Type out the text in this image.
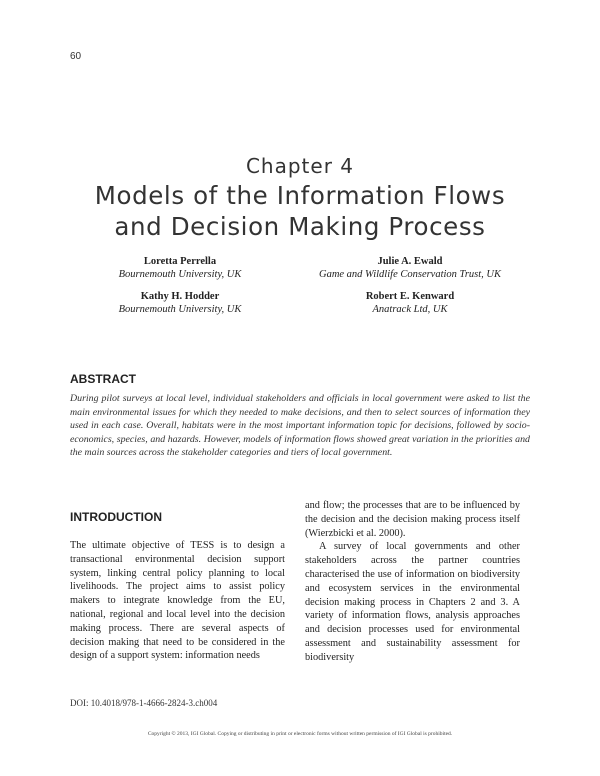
60
Chapter 4
Models of the Information Flows
and Decision Making Process
Loretta Perrella
Bournemouth University, UK
Julie A. Ewald
Game and Wildlife Conservation Trust, UK
Kathy H. Hodder
Bournemouth University, UK
Robert E. Kenward
Anatrack Ltd, UK
ABSTRACT
During pilot surveys at local level, individual stakeholders and officials in local government were asked to list the main environmental issues for which they needed to make decisions, and then to select sources of information they used in each case. Overall, habitats were in the most important information topic for decisions, followed by socio-economics, species, and hazards. However, models of information flows showed great variation in the priorities and the main sources across the stakeholder categories and tiers of local government.
INTRODUCTION

The ultimate objective of TESS is to design a transactional environmental decision support system, linking central policy planning to local livelihoods. The project aims to assist policy makers to integrate knowledge from the EU, national, regional and local level into the decision making process. There are several aspects of decision making that need to be considered in the design of a support system: information needs

and flow; the processes that are to be influenced by the decision and the decision making process itself (Wierzbicki et al. 2000).

A survey of local governments and other stakeholders across the partner countries characterised the use of information on biodiversity and ecosystem services in the environmental decision making process in Chapters 2 and 3. A variety of information flows, analysis approaches and decision processes used for environmental assessment and sustainability assessment for biodiversity

DOI: 10.4018/978-1-4666-2824-3.ch004
Copyright © 2013, IGI Global. Copying or distributing in print or electronic forms without written permission of IGI Global is prohibited.
